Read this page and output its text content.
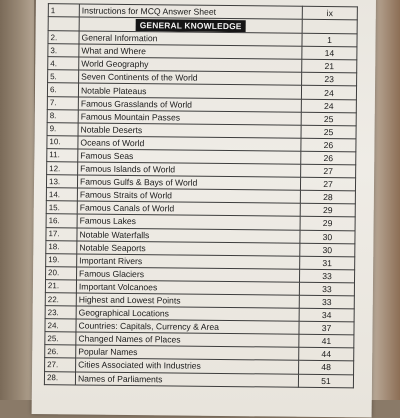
1	Instructions for MCQ Answer Sheet	ix
	GENERAL KNOWLEDGE	
2.	General Information	1
3.	What and Where	14
4.	World Geography	21
5.	Seven Continents of the World	23
6.	Notable Plateaus	24
7.	Famous Grasslands of World	24
8.	Famous Mountain Passes	25
9.	Notable Deserts	25
10.	Oceans of World	26
11.	Famous Seas	26
12.	Famous Islands of World	27
13.	Famous Gulfs & Bays of World	27
14.	Famous Straits of World	28
15.	Famous Canals of World	29
16.	Famous Lakes	29
17.	Notable Waterfalls	30
18.	Notable Seaports	30
19.	Important Rivers	31
20.	Famous Glaciers	33
21.	Important Volcanoes	33
22.	Highest and Lowest Points	33
23.	Geographical Locations	34
24.	Countries: Capitals, Currency & Area	37
25.	Changed Names of Places	41
26.	Popular Names	44
27.	Cities Associated with Industries	48
28.	Names of Parliaments	51
